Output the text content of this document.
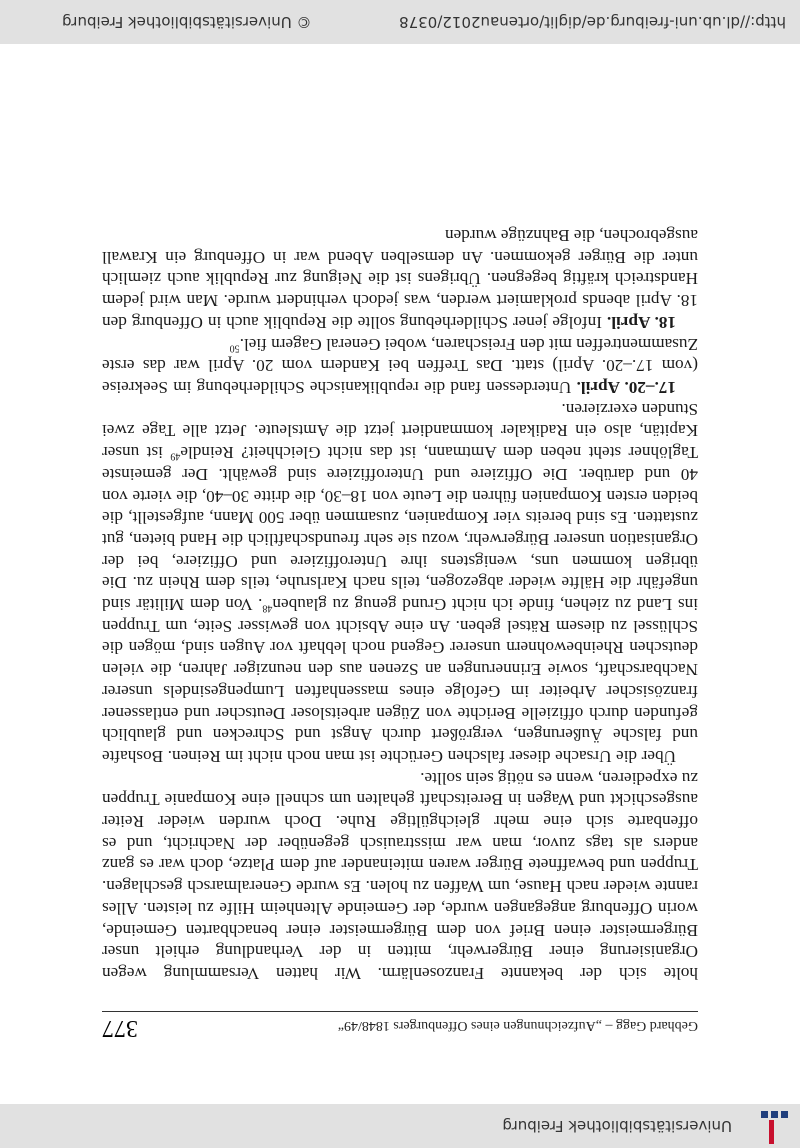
Universitätsbibliothek Freiburg
Gebhard Gagg – „Aufzeichnungen eines Offenburgers 1848/49“
377

holte sich der bekannte Franzosenlärm. Wir hatten Versammlung wegen Organisierung einer Bürgerwehr, mitten in der Verhandlung erhielt unser Bürgermeister einen Brief von dem Bürgermeister einer benachbarten Gemeinde, worin Offenburg angegangen wurde, der Gemeinde Altenheim Hilfe zu leisten. Alles rannte wieder nach Hause, um Waffen zu holen. Es wurde Generalmarsch geschlagen. Truppen und bewaffnete Bürger waren miteinander auf dem Platze, doch war es ganz anders als tags zuvor, man war misstrauisch gegenüber der Nachricht, und es offenbarte sich eine mehr gleichgültige Ruhe. Doch wurden wieder Reiter ausgeschickt und Wagen in Bereitschaft gehalten um schnell eine Kompanie Truppen zu expedieren, wenn es nötig sein sollte.

Über die Ursache dieser falschen Gerüchte ist man noch nicht im Reinen. Boshafte und falsche Äußerungen, vergrößert durch Angst und Schrecken und glaublich gefunden durch offizielle Berichte von Zügen arbeitsloser Deutscher und entlassener französischer Arbeiter im Gefolge eines massenhaften Lumpengesindels unserer Nachbarschaft, sowie Erinnerungen an Szenen aus den neunziger Jahren, die vielen deutschen Rheinbewohnern unserer Gegend noch lebhaft vor Augen sind, mögen die Schlüssel zu diesem Rätsel geben. An eine Absicht von gewisser Seite, um Truppen ins Land zu ziehen, finde ich nicht Grund genug zu glauben$^{48}$. Von dem Militär sind ungefähr die Hälfte wieder abgezogen, teils nach Karlsruhe, teils dem Rhein zu. Die übrigen kommen uns, wenigstens ihre Unteroffiziere und Offiziere, bei der Organisation unserer Bürgerwehr, wozu sie sehr freundschaftlich die Hand bieten, gut zustatten. Es sind bereits vier Kompanien, zusammen über 500 Mann, aufgestellt, die beiden ersten Kompanien führen die Leute von 18–30, die dritte 30–40, die vierte von 40 und darüber. Die Offiziere und Unteroffiziere sind gewählt. Der gemeinste Taglöhner steht neben dem Amtmann, ist das nicht Gleichheit? Reindle$^{49}$ ist unser Kapitän, also ein Radikaler kommandiert jetzt die Amtsleute. Jetzt alle Tage zwei Stunden exerzieren.

17.–20. April. Unterdessen fand die republikanische Schilderhebung im Seekreise (vom 17.–20. April) statt. Das Treffen bei Kandern vom 20. April war das erste Zusammentreffen mit den Freischaren, wobei General Gagern fiel.$^{50}$

18. April. Infolge jener Schilderhebung sollte die Republik auch in Offenburg den 18. April abends proklamiert werden, was jedoch verhindert wurde. Man wird jedem Handstreich kräftig begegnen. Übrigens ist die Neigung zur Republik auch ziemlich unter die Bürger gekommen. An demselben Abend war in Offenburg ein Krawall ausgebrochen, die Bahnzüge wurden

http://dl.ub.uni-freiburg.de/diglit/ortenau2012/0378
© Universitätsbibliothek Freiburg
